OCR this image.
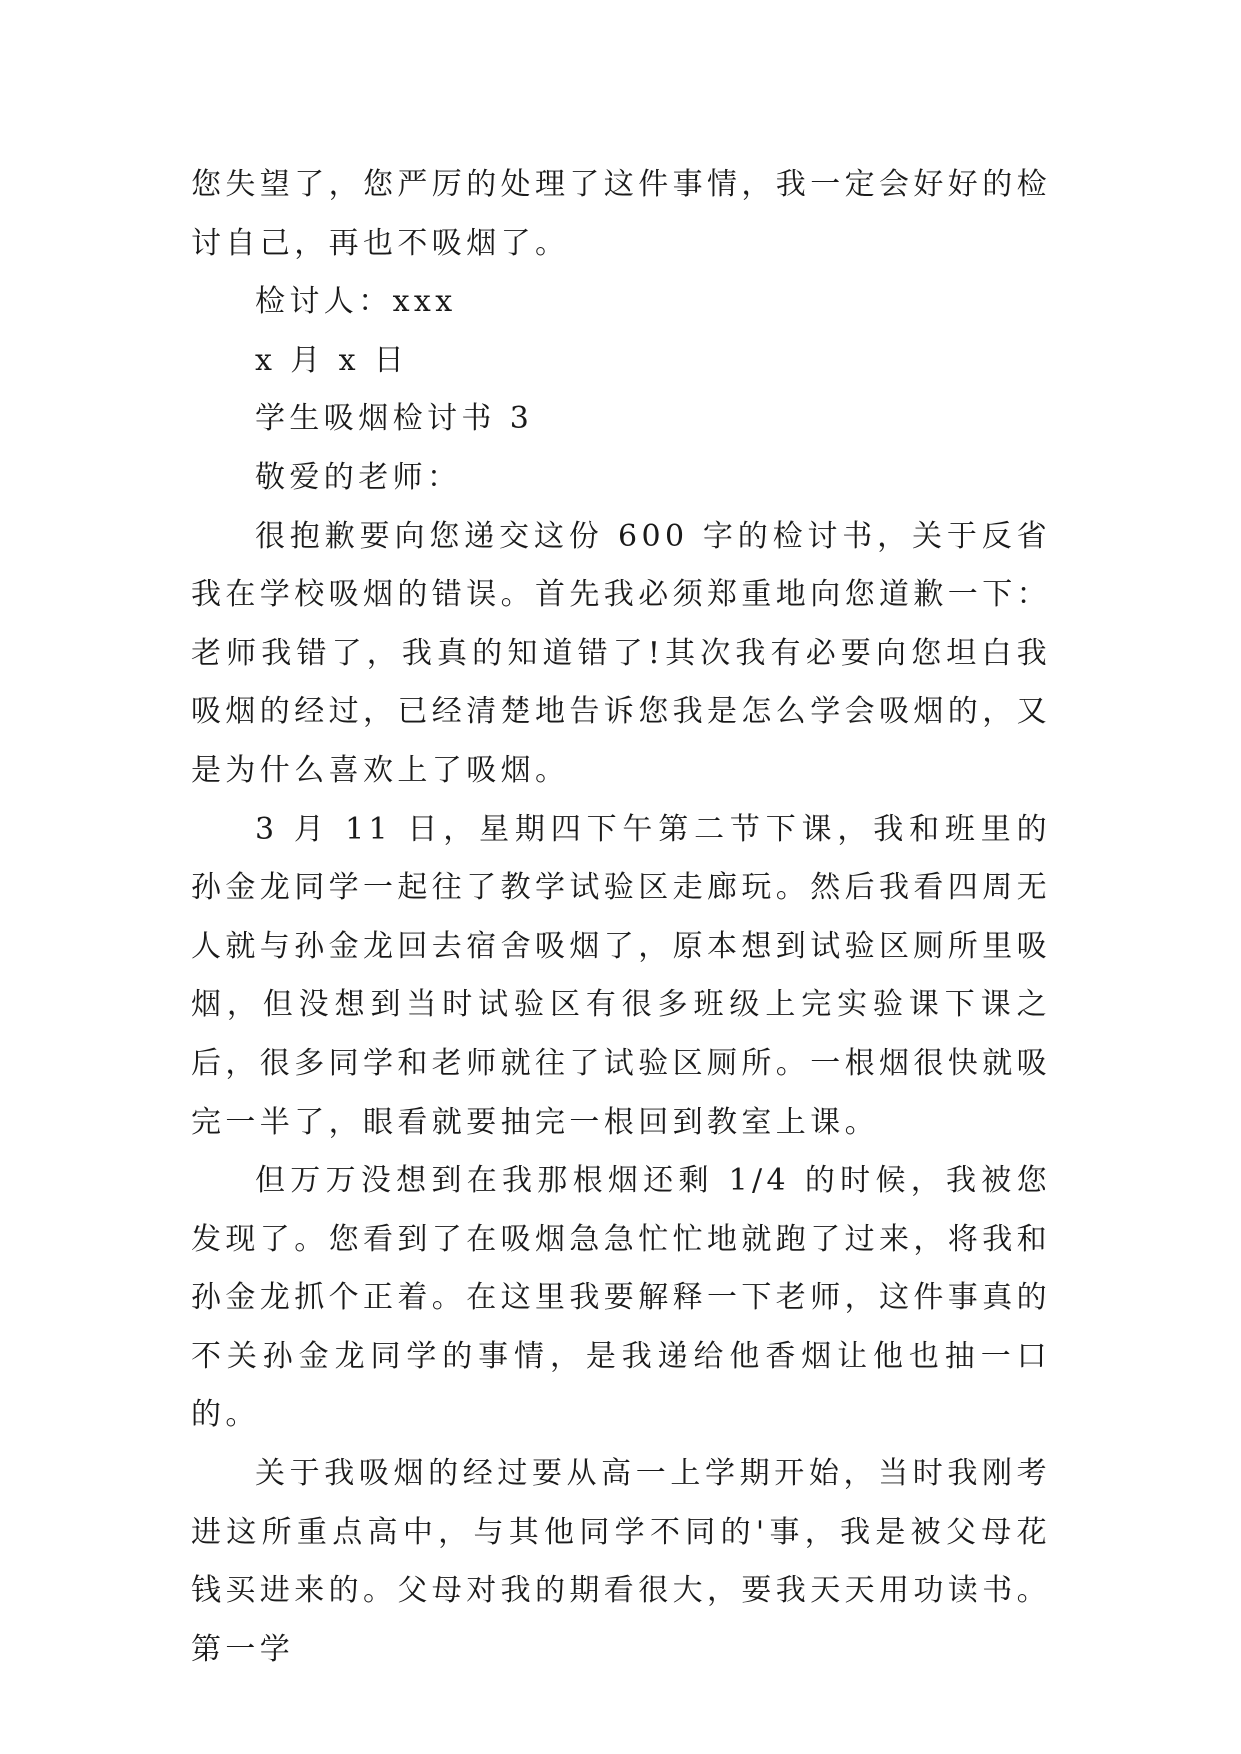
您失望了，您严厉的处理了这件事情，我一定会好好的检讨自己，再也不吸烟了。

检讨人：xxx

x 月 x 日

学生吸烟检讨书 3

敬爱的老师：

很抱歉要向您递交这份 600 字的检讨书，关于反省我在学校吸烟的错误。首先我必须郑重地向您道歉一下：老师我错了，我真的知道错了!其次我有必要向您坦白我吸烟的经过，已经清楚地告诉您我是怎么学会吸烟的，又是为什么喜欢上了吸烟。

3 月 11 日，星期四下午第二节下课，我和班里的孙金龙同学一起往了教学试验区走廊玩。然后我看四周无人就与孙金龙回去宿舍吸烟了，原本想到试验区厕所里吸烟，但没想到当时试验区有很多班级上完实验课下课之后，很多同学和老师就往了试验区厕所。一根烟很快就吸完一半了，眼看就要抽完一根回到教室上课。

但万万没想到在我那根烟还剩 1/4 的时候，我被您发现了。您看到了在吸烟急急忙忙地就跑了过来，将我和孙金龙抓个正着。在这里我要解释一下老师，这件事真的不关孙金龙同学的事情，是我递给他香烟让他也抽一口的。

关于我吸烟的经过要从高一上学期开始，当时我刚考进这所重点高中，与其他同学不同的'事，我是被父母花钱买进来的。父母对我的期看很大，要我天天用功读书。第一学
